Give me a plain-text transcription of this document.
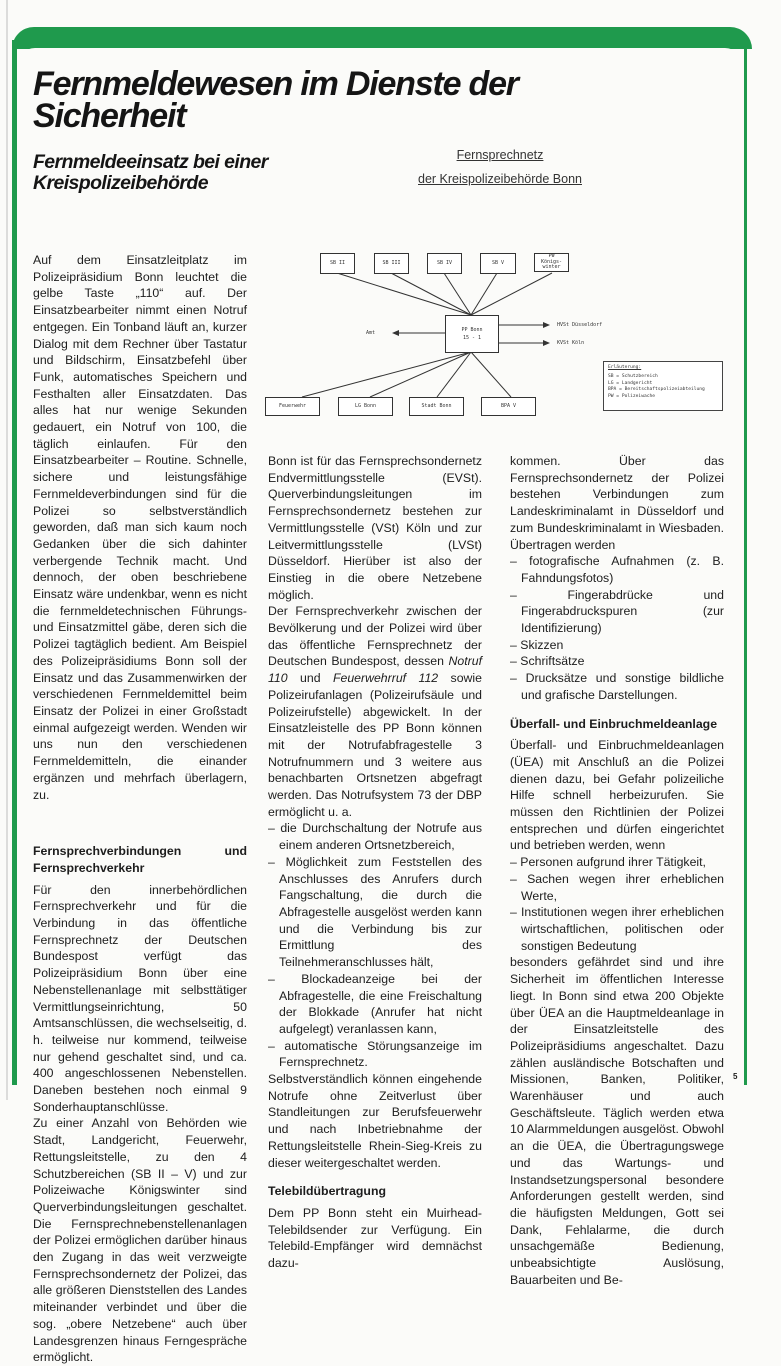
Fernmeldewesen im Dienste der Sicherheit
Fernmeldeeinsatz bei einer Kreispolizeibehörde
Fernsprechnetz
der Kreispolizeibehörde Bonn
SB II	SB III	SB IV	SB V
PW Königs-winter
PP Bonn
15 - 1
Amt
HVSt Düsseldorf
KVSt Köln
Feuerwehr	LG Bonn	Stadt Bonn	BPA V
Erläuterung:
SB = Schutzbereich
LG = Landgericht
BPA = Bereitschaftspolizeiabteilung
PW = Polizeiwache

Auf dem Einsatzleitplatz im Polizeipräsidium Bonn leuchtet die gelbe Taste „110“ auf. Der Einsatzbearbeiter nimmt einen Notruf entgegen. Ein Tonband läuft an, kurzer Dialog mit dem Rechner über Tastatur und Bildschirm, Einsatzbefehl über Funk, automatisches Speichern und Festhalten aller Einsatzdaten. Das alles hat nur wenige Sekunden gedauert, ein Notruf von 100, die täglich einlaufen. Für den Einsatzbearbeiter – Routine. Schnelle, sichere und leistungsfähige Fernmeldeverbindungen sind für die Polizei so selbstverständlich geworden, daß man sich kaum noch Gedanken über die sich dahinter verbergende Technik macht. Und dennoch, der oben beschriebene Einsatz wäre undenkbar, wenn es nicht die fernmeldetechnischen Führungs- und Einsatzmittel gäbe, deren sich die Polizei tagtäglich bedient. Am Beispiel des Polizeipräsidiums Bonn soll der Einsatz und das Zusammenwirken der verschiedenen Fernmeldemittel beim Einsatz der Polizei in einer Großstadt einmal aufgezeigt werden. Wenden wir uns nun den verschiedenen Fernmeldemitteln, die einander ergänzen und mehrfach überlagern, zu.

Fernsprechverbindungen und Fernsprechverkehr

Für den innerbehördlichen Fernsprechverkehr und für die Verbindung in das öffentliche Fernsprechnetz der Deutschen Bundespost verfügt das Polizeipräsidium Bonn über eine Nebenstellenanlage mit selbsttätiger Vermittlungseinrichtung, 50 Amtsanschlüssen, die wechselseitig, d. h. teilweise nur kommend, teilweise nur gehend geschaltet sind, und ca. 400 angeschlossenen Nebenstellen. Daneben bestehen noch einmal 9 Sonderhauptanschlüsse.

Zu einer Anzahl von Behörden wie Stadt, Landgericht, Feuerwehr, Rettungsleitstelle, zu den 4 Schutzbereichen (SB II – V) und zur Polizeiwache Königswinter sind Querverbindungsleitungen geschaltet. Die Fernsprechnebenstellenanlagen der Polizei ermöglichen darüber hinaus den Zugang in das weit verzweigte Fernsprechsondernetz der Polizei, das alle größeren Dienststellen des Landes miteinander verbindet und über die sog. „obere Netzebene“ auch über Landesgrenzen hinaus Ferngespräche ermöglicht.

Bonn ist für das Fernsprechsondernetz Endvermittlungsstelle (EVSt). Querverbindungsleitungen im Fernsprechsondernetz bestehen zur Vermittlungsstelle (VSt) Köln und zur Leitvermittlungsstelle (LVSt) Düsseldorf. Hierüber ist also der Einstieg in die obere Netzebene möglich.

Der Fernsprechverkehr zwischen der Bevölkerung und der Polizei wird über das öffentliche Fernsprechnetz der Deutschen Bundespost, dessen Notruf 110 und Feuerwehrruf 112 sowie Polizeirufanlagen (Polizeirufsäule und Polizeirufstelle) abgewickelt. In der Einsatzleistelle des PP Bonn können mit der Notrufabfragestelle 3 Notrufnummern und 3 weitere aus benachbarten Ortsnetzen abgefragt werden. Das Notrufsystem 73 der DBP ermöglicht u. a.

– die Durchschaltung der Notrufe aus einem anderen Ortsnetzbereich,
– Möglichkeit zum Feststellen des Anschlusses des Anrufers durch Fangschaltung, die durch die Abfragestelle ausgelöst werden kann und die Verbindung bis zur Ermittlung des Teilnehmeranschlusses hält,
– Blockadeanzeige bei der Abfragestelle, die eine Freischaltung der Blokkade (Anrufer hat nicht aufgelegt) veranlassen kann,
– automatische Störungsanzeige im Fernsprechnetz.

Selbstverständlich können eingehende Notrufe ohne Zeitverlust über Standleitungen zur Berufsfeuerwehr und nach Inbetriebnahme der Rettungsleitstelle Rhein-Sieg-Kreis zu dieser weitergeschaltet werden.

Telebildübertragung

Dem PP Bonn steht ein Muirhead-Telebildsender zur Verfügung. Ein Telebild-Empfänger wird demnächst dazu-

kommen. Über das Fernsprechsondernetz der Polizei bestehen Verbindungen zum Landeskriminalamt in Düsseldorf und zum Bundeskriminalamt in Wiesbaden. Übertragen werden

– fotografische Aufnahmen (z. B. Fahndungsfotos)
– Fingerabdrücke und Fingerabdruckspuren (zur Identifizierung)
– Skizzen
– Schriftsätze
– Drucksätze und sonstige bildliche und grafische Darstellungen.
Überfall- und Einbruchmeldeanlage

Überfall- und Einbruchmeldeanlagen (ÜEA) mit Anschluß an die Polizei dienen dazu, bei Gefahr polizeiliche Hilfe schnell herbeizurufen. Sie müssen den Richtlinien der Polizei entsprechen und dürfen eingerichtet und betrieben werden, wenn

– Personen aufgrund ihrer Tätigkeit,
– Sachen wegen ihrer erheblichen Werte,
– Institutionen wegen ihrer erheblichen wirtschaftlichen, politischen oder sonstigen Bedeutung

besonders gefährdet sind und ihre Sicherheit im öffentlichen Interesse liegt. In Bonn sind etwa 200 Objekte über ÜEA an die Hauptmeldeanlage in der Einsatzleitstelle des Polizeipräsidiums angeschaltet. Dazu zählen ausländische Botschaften und Missionen, Banken, Politiker, Warenhäuser und auch Geschäftsleute. Täglich werden etwa 10 Alarmmeldungen ausgelöst. Obwohl an die ÜEA, die Übertragungswege und das Wartungs- und Instandsetzungspersonal besondere Anforderungen gestellt werden, sind die häufigsten Meldungen, Gott sei Dank, Fehlalarme, die durch unsachgemäße Bedienung, unbeabsichtigte Auslösung, Bauarbeiten und Be-

5
